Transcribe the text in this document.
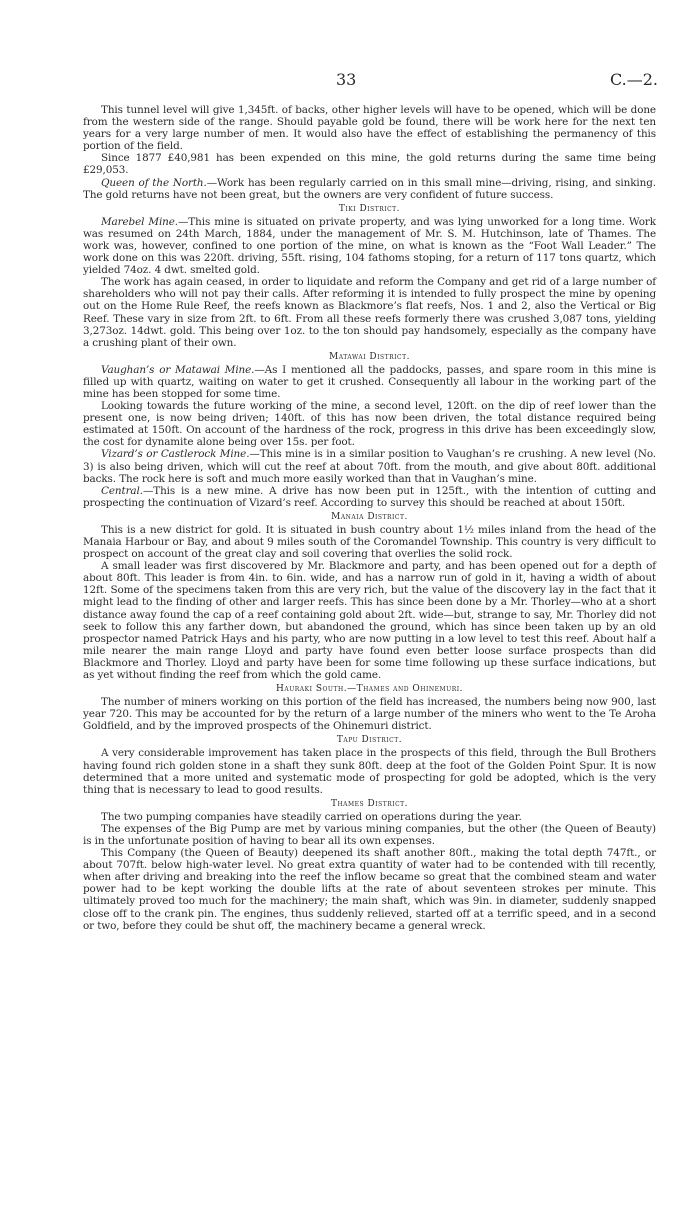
33	C.—2.

This tunnel level will give 1,345ft. of backs, other higher levels will have to be opened, which will be done from the western side of the range. Should payable gold be found, there will be work here for the next ten years for a very large number of men. It would also have the effect of establishing the permanency of this portion of the field.

Since 1877 £40,981 has been expended on this mine, the gold returns during the same time being £29,053.

Queen of the North.—Work has been regularly carried on in this small mine—driving, rising, and sinking. The gold returns have not been great, but the owners are very confident of future success.

Tiki District.

Marebel Mine.—This mine is situated on private property, and was lying unworked for a long time. Work was resumed on 24th March, 1884, under the management of Mr. S. M. Hutchinson, late of Thames. The work was, however, confined to one portion of the mine, on what is known as the “Foot Wall Leader.” The work done on this was 220ft. driving, 55ft. rising, 104 fathoms stoping, for a return of 117 tons quartz, which yielded 74oz. 4 dwt. smelted gold.

The work has again ceased, in order to liquidate and reform the Company and get rid of a large number of shareholders who will not pay their calls. After reforming it is intended to fully prospect the mine by opening out on the Home Rule Reef, the reefs known as Blackmore’s flat reefs, Nos. 1 and 2, also the Vertical or Big Reef. These vary in size from 2ft. to 6ft. From all these reefs formerly there was crushed 3,087 tons, yielding 3,273oz. 14dwt. gold. This being over 1oz. to the ton should pay handsomely, especially as the company have a crushing plant of their own.

Matawai District.

Vaughan’s or Matawai Mine.—As I mentioned all the paddocks, passes, and spare room in this mine is filled up with quartz, waiting on water to get it crushed. Consequently all labour in the working part of the mine has been stopped for some time.

Looking towards the future working of the mine, a second level, 120ft. on the dip of reef lower than the present one, is now being driven; 140ft. of this has now been driven, the total distance required being estimated at 150ft. On account of the hardness of the rock, progress in this drive has been exceedingly slow, the cost for dynamite alone being over 15s. per foot.

Vizard’s or Castlerock Mine.—This mine is in a similar position to Vaughan’s re crushing. A new level (No. 3) is also being driven, which will cut the reef at about 70ft. from the mouth, and give about 80ft. additional backs. The rock here is soft and much more easily worked than that in Vaughan’s mine.

Central.—This is a new mine. A drive has now been put in 125ft., with the intention of cutting and prospecting the continuation of Vizard’s reef. According to survey this should be reached at about 150ft.

Manaia District.

This is a new district for gold. It is situated in bush country about 1½ miles inland from the head of the Manaia Harbour or Bay, and about 9 miles south of the Coromandel Township. This country is very difficult to prospect on account of the great clay and soil covering that overlies the solid rock.

A small leader was first discovered by Mr. Blackmore and party, and has been opened out for a depth of about 80ft. This leader is from 4in. to 6in. wide, and has a narrow run of gold in it, having a width of about 12ft. Some of the specimens taken from this are very rich, but the value of the discovery lay in the fact that it might lead to the finding of other and larger reefs. This has since been done by a Mr. Thorley—who at a short distance away found the cap of a reef containing gold about 2ft. wide—but, strange to say, Mr. Thorley did not seek to follow this any farther down, but abandoned the ground, which has since been taken up by an old prospector named Patrick Hays and his party, who are now putting in a low level to test this reef. About half a mile nearer the main range Lloyd and party have found even better loose surface prospects than did Blackmore and Thorley. Lloyd and party have been for some time following up these surface indications, but as yet without finding the reef from which the gold came.

Hauraki South.—Thames and Ohinemuri.

The number of miners working on this portion of the field has increased, the numbers being now 900, last year 720. This may be accounted for by the return of a large number of the miners who went to the Te Aroha Goldfield, and by the improved prospects of the Ohinemuri district.

Tapu District.

A very considerable improvement has taken place in the prospects of this field, through the Bull Brothers having found rich golden stone in a shaft they sunk 80ft. deep at the foot of the Golden Point Spur. It is now determined that a more united and systematic mode of prospecting for gold be adopted, which is the very thing that is necessary to lead to good results.

Thames District.

The two pumping companies have steadily carried on operations during the year.

The expenses of the Big Pump are met by various mining companies, but the other (the Queen of Beauty) is in the unfortunate position of having to bear all its own expenses.

This Company (the Queen of Beauty) deepened its shaft another 80ft., making the total depth 747ft., or about 707ft. below high-water level. No great extra quantity of water had to be contended with till recently, when after driving and breaking into the reef the inflow became so great that the combined steam and water power had to be kept working the double lifts at the rate of about seventeen strokes per minute. This ultimately proved too much for the machinery; the main shaft, which was 9in. in diameter, suddenly snapped close off to the crank pin. The engines, thus suddenly relieved, started off at a terrific speed, and in a second or two, before they could be shut off, the machinery became a general wreck.
